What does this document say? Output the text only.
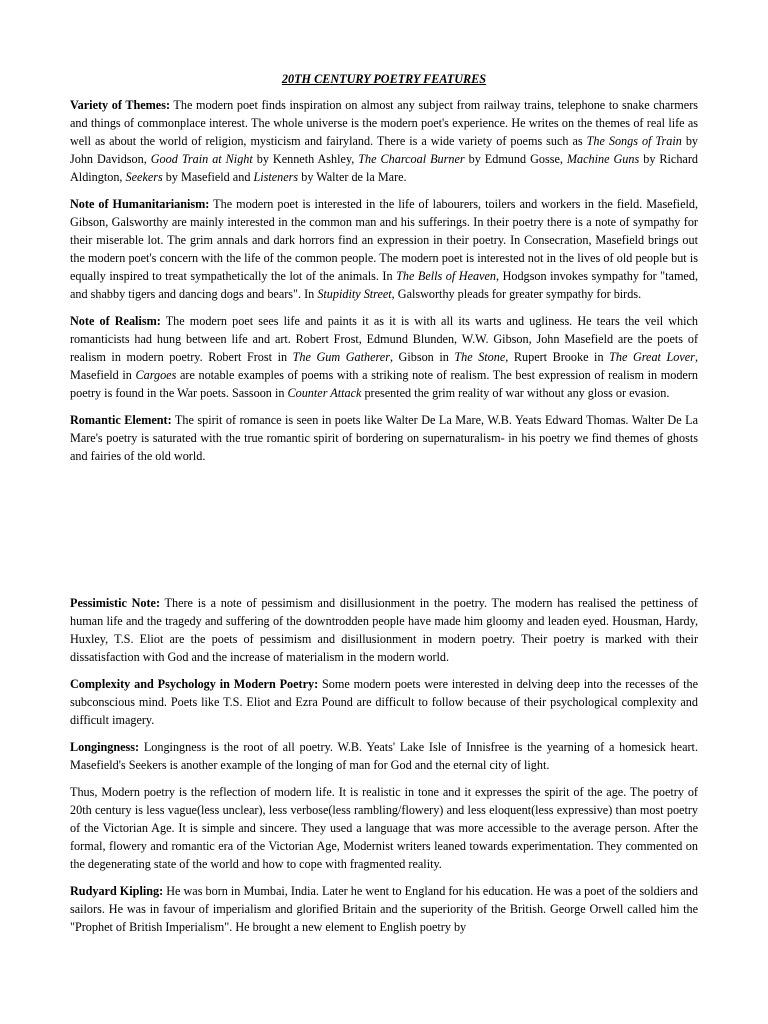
20TH CENTURY POETRY FEATURES

Variety of Themes: The modern poet finds inspiration on almost any subject from railway trains, telephone to snake charmers and things of commonplace interest. The whole universe is the modern poet's experience. He writes on the themes of real life as well as about the world of religion, mysticism and fairyland. There is a wide variety of poems such as The Songs of Train by John Davidson, Good Train at Night by Kenneth Ashley, The Charcoal Burner by Edmund Gosse, Machine Guns by Richard Aldington, Seekers by Masefield and Listeners by Walter de la Mare.

Note of Humanitarianism: The modern poet is interested in the life of labourers, toilers and workers in the field. Masefield, Gibson, Galsworthy are mainly interested in the common man and his sufferings. In their poetry there is a note of sympathy for their miserable lot. The grim annals and dark horrors find an expression in their poetry. In Consecration, Masefield brings out the modern poet's concern with the life of the common people. The modern poet is interested not in the lives of old people but is equally inspired to treat sympathetically the lot of the animals. In The Bells of Heaven, Hodgson invokes sympathy for "tamed, and shabby tigers and dancing dogs and bears". In Stupidity Street, Galsworthy pleads for greater sympathy for birds.

Note of Realism: The modern poet sees life and paints it as it is with all its warts and ugliness. He tears the veil which romanticists had hung between life and art. Robert Frost, Edmund Blunden, W.W. Gibson, John Masefield are the poets of realism in modern poetry. Robert Frost in The Gum Gatherer, Gibson in The Stone, Rupert Brooke in The Great Lover, Masefield in Cargoes are notable examples of poems with a striking note of realism. The best expression of realism in modern poetry is found in the War poets. Sassoon in Counter Attack presented the grim reality of war without any gloss or evasion.

Romantic Element: The spirit of romance is seen in poets like Walter De La Mare, W.B. Yeats Edward Thomas. Walter De La Mare's poetry is saturated with the true romantic spirit of bordering on supernaturalism- in his poetry we find themes of ghosts and fairies of the old world.

Pessimistic Note: There is a note of pessimism and disillusionment in the poetry. The modern has realised the pettiness of human life and the tragedy and suffering of the downtrodden people have made him gloomy and leaden eyed. Housman, Hardy, Huxley, T.S. Eliot are the poets of pessimism and disillusionment in modern poetry. Their poetry is marked with their dissatisfaction with God and the increase of materialism in the modern world.

Complexity and Psychology in Modern Poetry: Some modern poets were interested in delving deep into the recesses of the subconscious mind. Poets like T.S. Eliot and Ezra Pound are difficult to follow because of their psychological complexity and difficult imagery.

Longingness: Longingness is the root of all poetry. W.B. Yeats' Lake Isle of Innisfree is the yearning of a homesick heart. Masefield's Seekers is another example of the longing of man for God and the eternal city of light.

Thus, Modern poetry is the reflection of modern life. It is realistic in tone and it expresses the spirit of the age. The poetry of 20th century is less vague(less unclear), less verbose(less rambling/flowery) and less eloquent(less expressive) than most poetry of the Victorian Age. It is simple and sincere. They used a language that was more accessible to the average person. After the formal, flowery and romantic era of the Victorian Age, Modernist writers leaned towards experimentation. They commented on the degenerating state of the world and how to cope with fragmented reality.

Rudyard Kipling: He was born in Mumbai, India. Later he went to England for his education. He was a poet of the soldiers and sailors. He was in favour of imperialism and glorified Britain and the superiority of the British. George Orwell called him the "Prophet of British Imperialism". He brought a new element to English poetry by
